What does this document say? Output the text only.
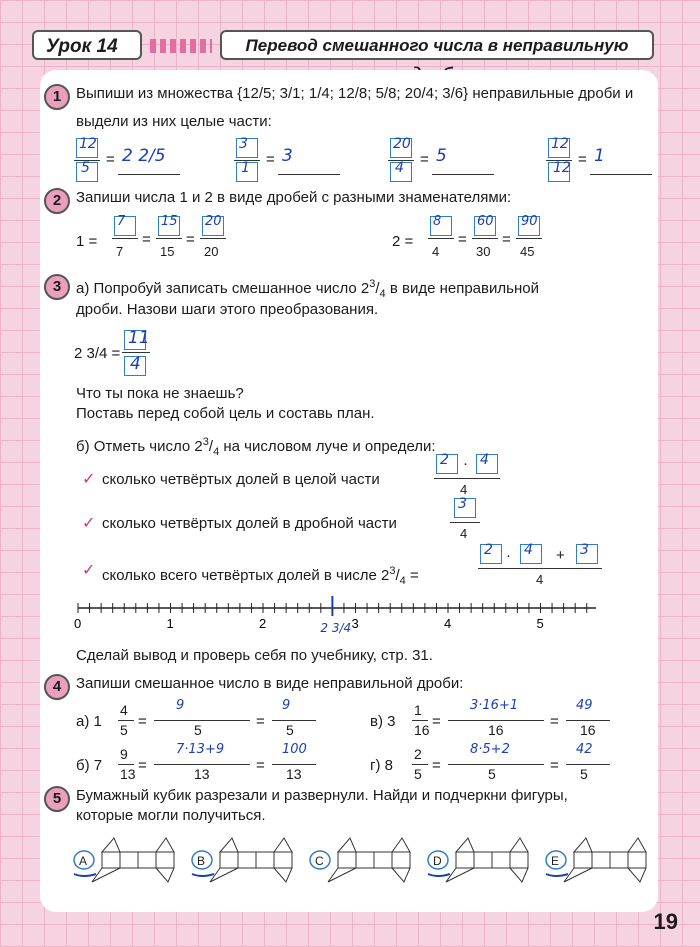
Урок 14	Перевод смешанного числа в неправильную
1 Выпиши из множества {12/5; 3/1; 1/4; 12/8; 5/8; 20/4; 3/6} неправильные дроби и
выдели из них целые части:
12
5 = 2 2/5
3
1 = 3
20
4 = 5
12
12 = 1
2 Запиши числа 1 и 2 в виде дробей с разными знаменателями:
1 =	2 =
7
7
=
15
15
=
20
20
8
4
=
60
30
=
90
45
3 а) Попробуй записать смешанное число $2^3/_4$ в виде неправильной
дроби. Назови шаги этого преобразования.
2 3/4 =
11
4
Что ты пока не знаешь?
Поставь перед собой цель и составь план.
б) Отметь число $2^3/_4$ на числовом луче и определи:
✓ сколько четвёртых долей в целой части
✓ сколько четвёртых долей в дробной части
✓ сколько всего четвёртых долей в числе $2^3/_4$ =
2 · 4
4
3
4
2 4	3
·	+
4
0	1	2	3	4	5
2 3/4
Сделай вывод и проверь себя по учебнику, стр. 31.
4 Запиши смешанное число в виде неправильной дроби:
а) 1
4
5 =
9
5	=
9
5
б) 7
9
13 =
7·13+9
13	=
100
13
в) 3
1
16 =
3·16+1
16	=
49
16
г) 8
2
5 =
8·5+2
5	=
42
5
5 Бумажный кубик разрезали и развернули. Найди и подчеркни фигуры,
которые могли получиться.
A	B	C	D	E
19
